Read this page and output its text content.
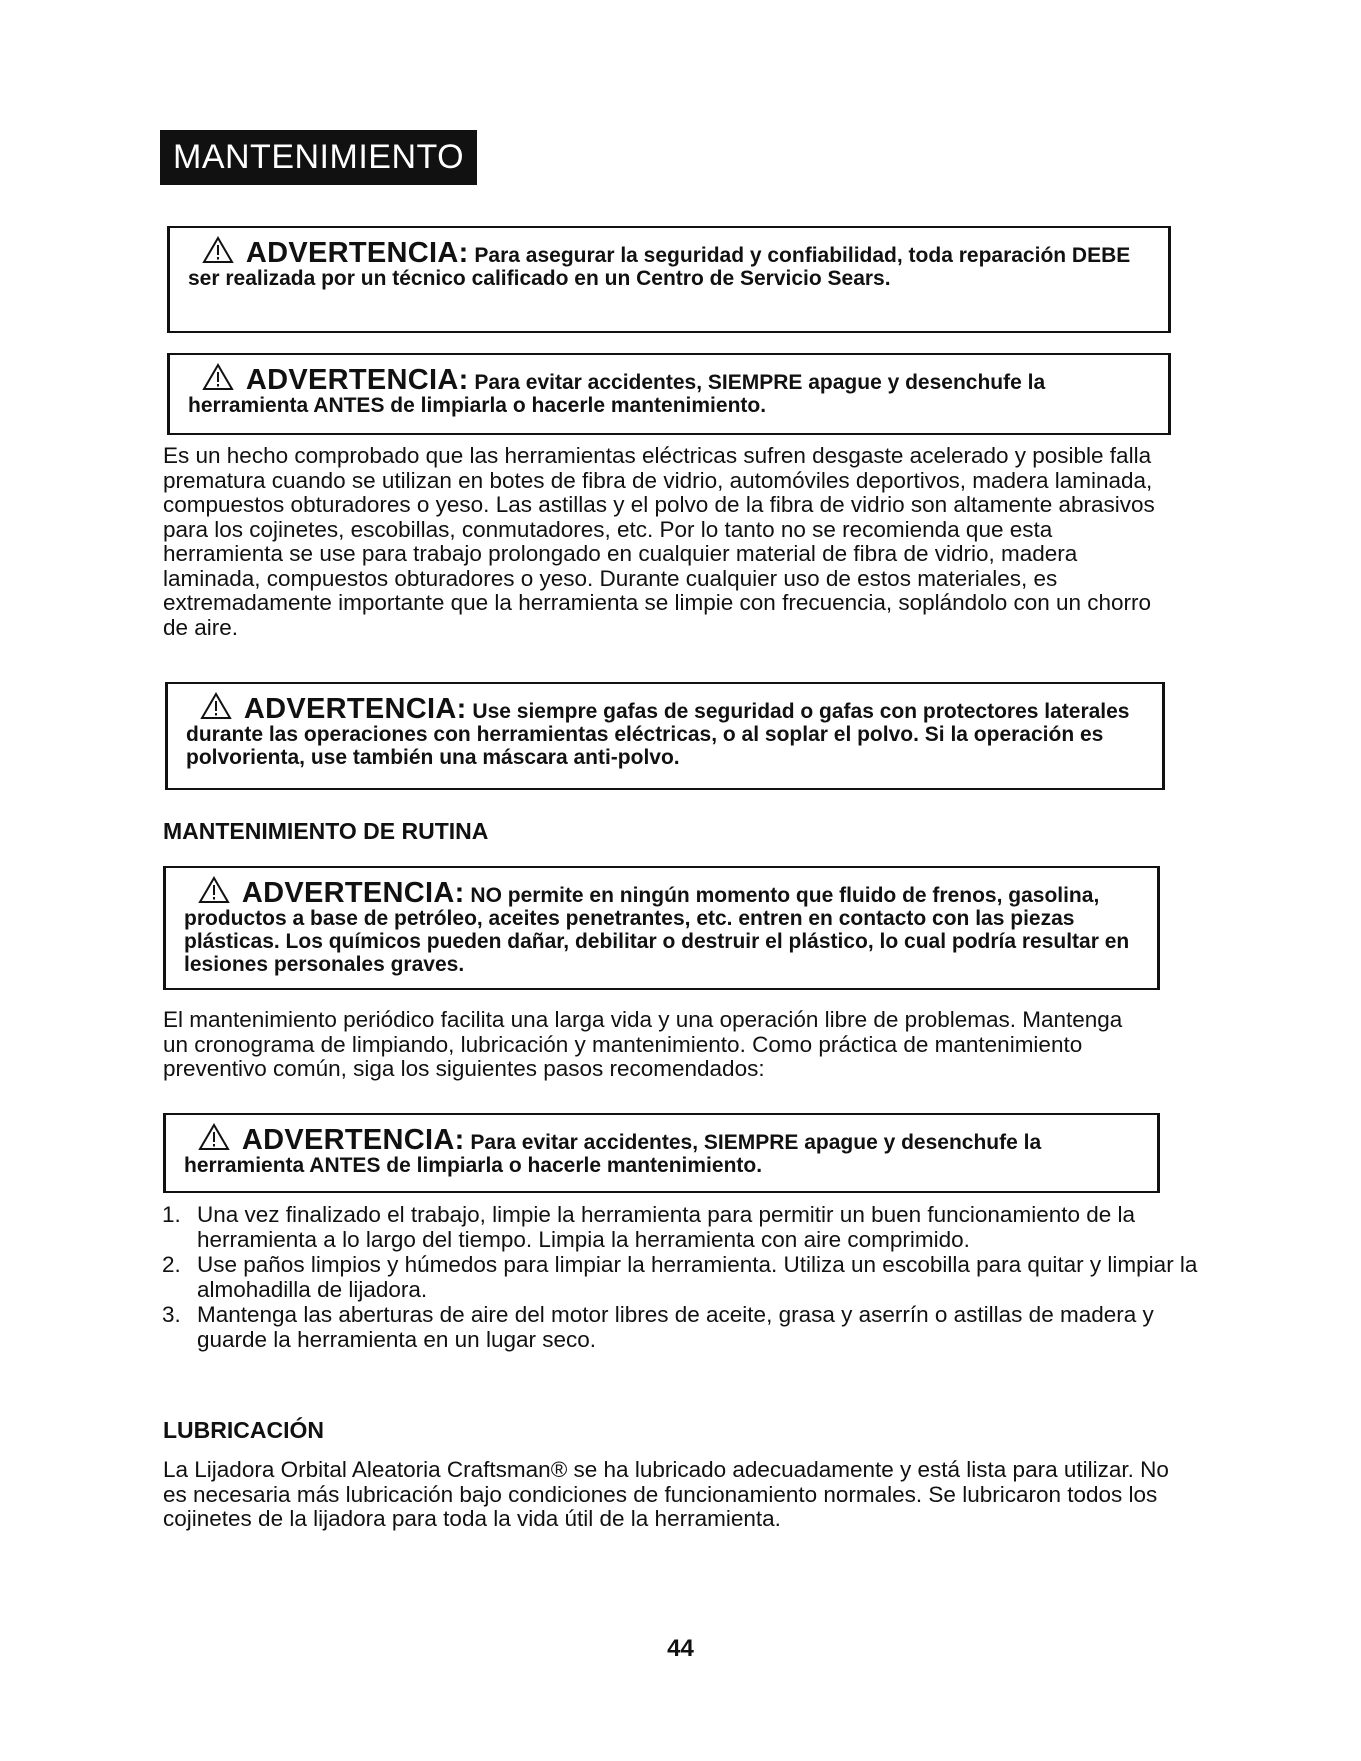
MANTENIMIENTO
ADVERTENCIA: Para asegurar la seguridad y confiabilidad, toda reparación DEBE ser realizada por un técnico calificado en un Centro de Servicio Sears.
ADVERTENCIA: Para evitar accidentes, SIEMPRE apague y desenchufe la herramienta ANTES de limpiarla o hacerle mantenimiento.

Es un hecho comprobado que las herramientas eléctricas sufren desgaste acelerado y posible falla prematura cuando se utilizan en botes de fibra de vidrio, automóviles deportivos, madera laminada, compuestos obturadores o yeso. Las astillas y el polvo de la fibra de vidrio son altamente abrasivos para los cojinetes, escobillas, conmutadores, etc. Por lo tanto no se recomienda que esta herramienta se use para trabajo prolongado en cualquier material de fibra de vidrio, madera laminada, compuestos obturadores o yeso. Durante cualquier uso de estos materiales, es extremadamente importante que la herramienta se limpie con frecuencia, soplándolo con un chorro de aire.

ADVERTENCIA: Use siempre gafas de seguridad o gafas con protectores laterales durante las operaciones con herramientas eléctricas, o al soplar el polvo. Si la operación es polvorienta, use también una máscara anti-polvo.
MANTENIMIENTO DE RUTINA
ADVERTENCIA: NO permite en ningún momento que fluido de frenos, gasolina, productos a base de petróleo, aceites penetrantes, etc. entren en contacto con las piezas plásticas. Los químicos pueden dañar, debilitar o destruir el plástico, lo cual podría resultar en lesiones personales graves.

El mantenimiento periódico facilita una larga vida y una operación libre de problemas. Mantenga un cronograma de limpiando, lubricación y mantenimiento. Como práctica de mantenimiento preventivo común, siga los siguientes pasos recomendados:

ADVERTENCIA: Para evitar accidentes, SIEMPRE apague y desenchufe la herramienta ANTES de limpiarla o hacerle mantenimiento.
1. Una vez finalizado el trabajo, limpie la herramienta para permitir un buen funcionamiento de la herramienta a lo largo del tiempo. Limpia la herramienta con aire comprimido.
2. Use paños limpios y húmedos para limpiar la herramienta. Utiliza un escobilla para quitar y limpiar la almohadilla de lijadora.
3. Mantenga las aberturas de aire del motor libres de aceite, grasa y aserrín o astillas de madera y guarde la herramienta en un lugar seco.
LUBRICACIÓN

La Lijadora Orbital Aleatoria Craftsman® se ha lubricado adecuadamente y está lista para utilizar. No es necesaria más lubricación bajo condiciones de funcionamiento normales. Se lubricaron todos los cojinetes de la lijadora para toda la vida útil de la herramienta.

44
